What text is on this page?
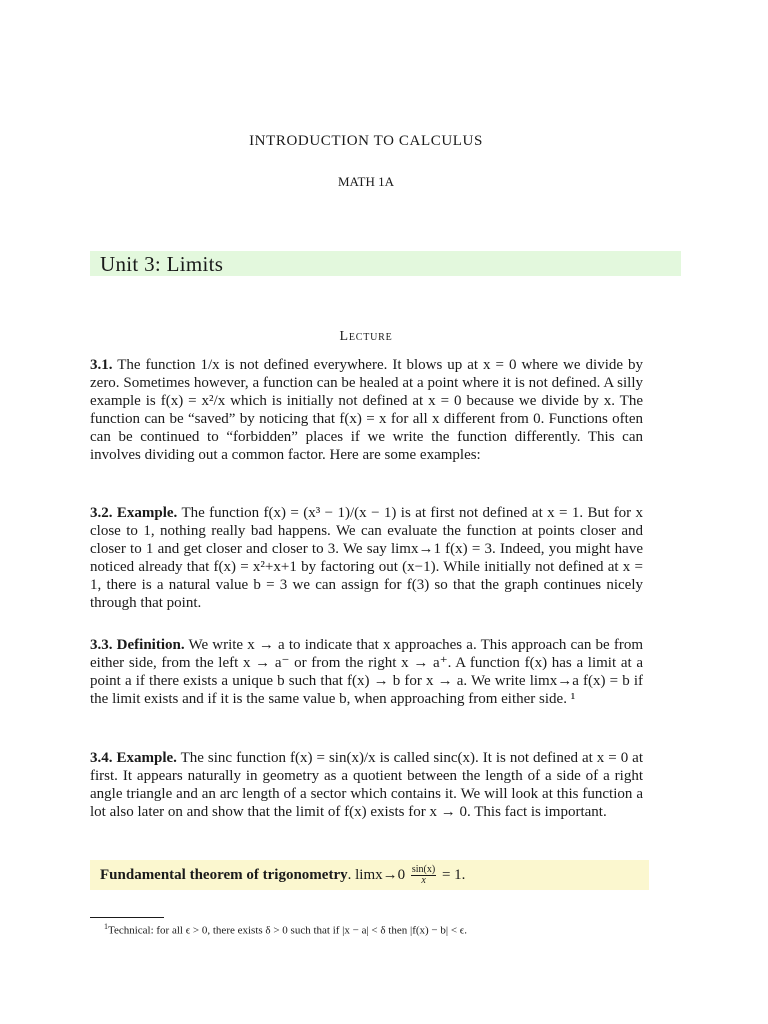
INTRODUCTION TO CALCULUS
MATH 1A
Unit 3: Limits
Lecture
3.1. The function 1/x is not defined everywhere. It blows up at x = 0 where we divide by zero. Sometimes however, a function can be healed at a point where it is not defined. A silly example is f(x) = x²/x which is initially not defined at x = 0 because we divide by x. The function can be “saved” by noticing that f(x) = x for all x different from 0. Functions often can be continued to “forbidden” places if we write the function differently. This can involves dividing out a common factor. Here are some examples:
3.2. Example. The function f(x) = (x³ − 1)/(x − 1) is at first not defined at x = 1. But for x close to 1, nothing really bad happens. We can evaluate the function at points closer and closer to 1 and get closer and closer to 3. We say limx→1 f(x) = 3. Indeed, you might have noticed already that f(x) = x²+x+1 by factoring out (x−1). While initially not defined at x = 1, there is a natural value b = 3 we can assign for f(3) so that the graph continues nicely through that point.
3.3. Definition. We write x → a to indicate that x approaches a. This approach can be from either side, from the left x → a⁻ or from the right x → a⁺. A function f(x) has a limit at a point a if there exists a unique b such that f(x) → b for x → a. We write limx→a f(x) = b if the limit exists and if it is the same value b, when approaching from either side. ¹
3.4. Example. The sinc function f(x) = sin(x)/x is called sinc(x). It is not defined at x = 0 at first. It appears naturally in geometry as a quotient between the length of a side of a right angle triangle and an arc length of a sector which contains it. We will look at this function a lot also later on and show that the limit of f(x) exists for x → 0. This fact is important.
Fundamental theorem of trigonometry. $\lim x\to 0 \frac{\sin(x)}{x} = 1$.
$^1$Technical: for all ϵ > 0, there exists δ > 0 such that if |x − a| < δ then |f(x) − b| < ϵ.
